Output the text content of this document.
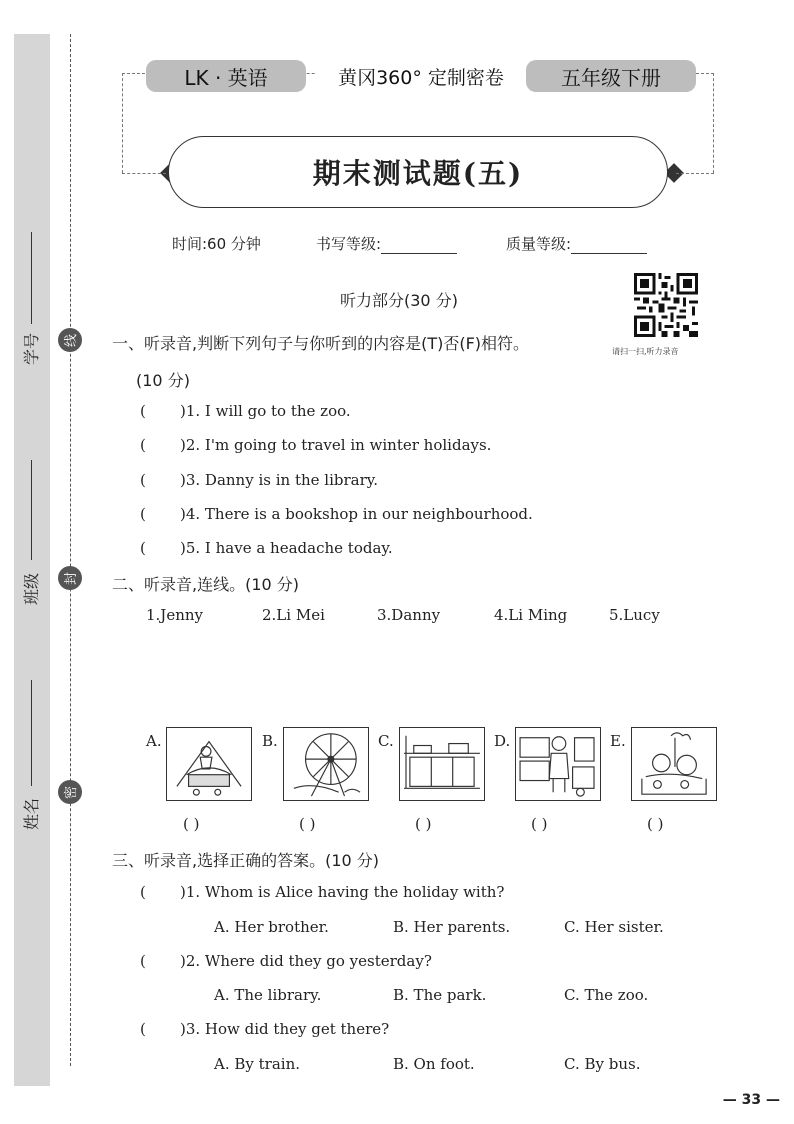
学号
班级
姓名
线
封
密
LK · 英语	黄冈360° 定制密卷	五年级下册
期末测试题(五)
时间:60 分钟	书写等级:	质量等级:
听力部分(30 分)
请扫一扫,听力录音
一、听录音,判断下列句子与你听到的内容是(T)否(F)相符。
(10 分)
( )1. I will go to the zoo.
( )2. I'm going to travel in winter holidays.
( )3. Danny is in the library.
( )4. There is a bookshop in our neighbourhood.
( )5. I have a headache today.
二、听录音,连线。(10 分)
1.Jenny	2.Li Mei	3.Danny	4.Li Ming	5.Lucy
A.	B.	C.	D.	E.
( )	( )	( )	( )	( )
三、听录音,选择正确的答案。(10 分)
( )1. Whom is Alice having the holiday with?
A. Her brother.	B. Her parents.	C. Her sister.
( )2. Where did they go yesterday?
A. The library.	B. The park.	C. The zoo.
( )3. How did they get there?
A. By train.	B. On foot.	C. By bus.
— 33 —
